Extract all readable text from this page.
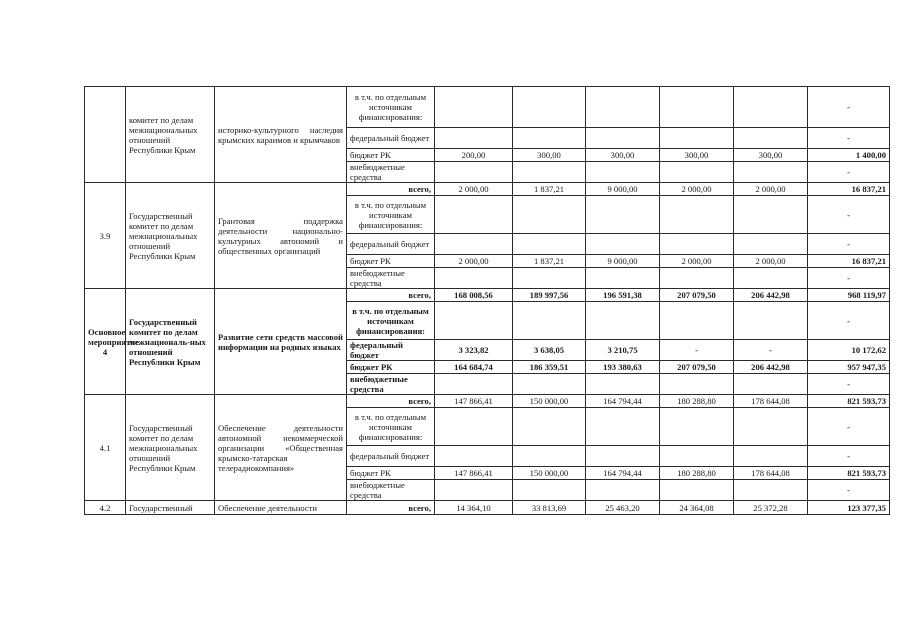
	комитет по делам межнациональных отношений Республики Крым	историко-культурного наследия крымских караимов и крымчаков	в т.ч. по отдельным источникам финансирования:						-
			федеральный бюджет						-
			бюджет РК	200,00	300,00	300,00	300,00	300,00	1 400,00
			внебюджетные средства						-
3.9	Государственный комитет по делам межнациональных отношений Республики Крым	Грантовая поддержка деятельности национально-культурных автономий и общественных организаций	всего,	2 000,00	1 837,21	9 000,00	2 000,00	2 000,00	16 837,21
			в т.ч. по отдельным источникам финансирования:						-
			федеральный бюджет						-
			бюджет РК	2 000,00	1 837,21	9 000,00	2 000,00	2 000,00	16 837,21
			внебюджетные средства						-
Основное мероприятие 4	Государственный комитет по делам межнациональ-ных отношений Республики Крым	Развитие сети средств массовой информации на родных языках	всего,	168 008,56	189 997,56	196 591,38	207 079,50	206 442,98	968 119,97
			в т.ч. по отдельным источникам финансирования:						-
			федеральный бюджет	3 323,82	3 638,05	3 210,75	-	-	10 172,62
			бюджет РК	164 684,74	186 359,51	193 380,63	207 079,50	206 442,98	957 947,35
			внебюджетные средства						-
4.1	Государственный комитет по делам межнациональных отношений Республики Крым	Обеспечение деятельности автономной некоммерческой организации «Общественная крымско-татарская телерадиокомпания»	всего,	147 866,41	150 000,00	164 794,44	180 288,80	178 644,08	821 593,73
			в т.ч. по отдельным источникам финансирования:						-
			федеральный бюджет						-
			бюджет РК	147 866,41	150 000,00	164 794,44	180 288,80	178 644,08	821 593,73
			внебюджетные средства						-
4.2	Государственный	Обеспечение деятельности	всего,	14 364,10	33 813,69	25 463,20	24 364,08	25 372,28	123 377,35
